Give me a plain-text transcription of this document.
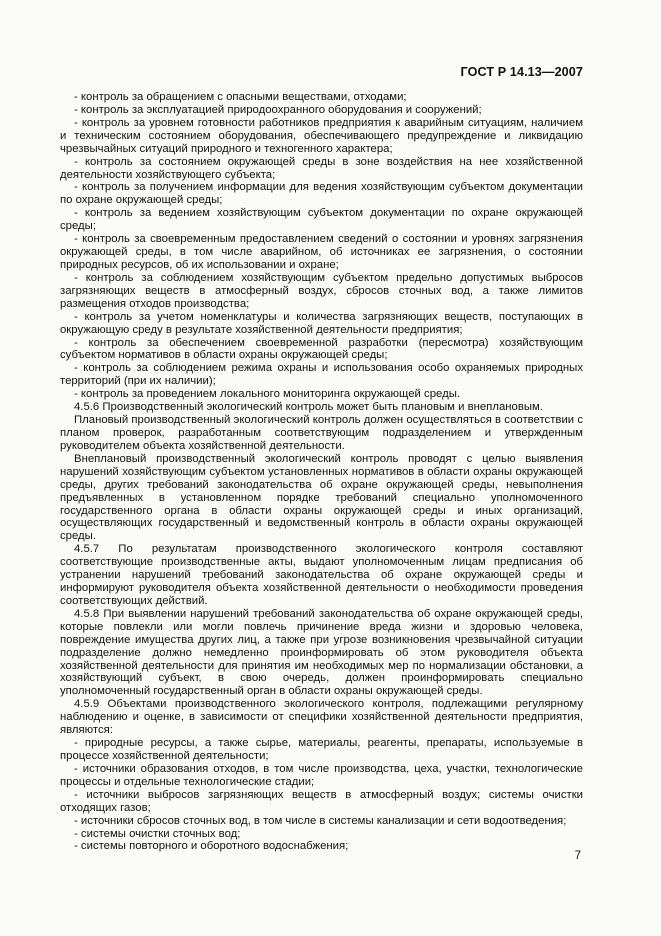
ГОСТ Р 14.13—2007

- контроль за обращением с опасными веществами, отходами;

- контроль за эксплуатацией природоохранного оборудования и сооружений;

- контроль за уровнем готовности работников предприятия к аварийным ситуациям, наличием и техническим состоянием оборудования, обеспечивающего предупреждение и ликвидацию чрезвычайных ситуаций природного и техногенного характера;

- контроль за состоянием окружающей среды в зоне воздействия на нее хозяйственной деятельности хозяйствующего субъекта;

- контроль за получением информации для ведения хозяйствующим субъектом документации по охране окружающей среды;

- контроль за ведением хозяйствующим субъектом документации по охране окружающей среды;

- контроль за своевременным предоставлением сведений о состоянии и уровнях загрязнения окружающей среды, в том числе аварийном, об источниках ее загрязнения, о состоянии природных ресурсов, об их использовании и охране;

- контроль за соблюдением хозяйствующим субъектом предельно допустимых выбросов загрязняющих веществ в атмосферный воздух, сбросов сточных вод, а также лимитов размещения отходов производства;

- контроль за учетом номенклатуры и количества загрязняющих веществ, поступающих в окружающую среду в результате хозяйственной деятельности предприятия;

- контроль за обеспечением своевременной разработки (пересмотра) хозяйствующим субъектом нормативов в области охраны окружающей среды;

- контроль за соблюдением режима охраны и использования особо охраняемых природных территорий (при их наличии);

- контроль за проведением локального мониторинга окружающей среды.

4.5.6 Производственный экологический контроль может быть плановым и внеплановым.

Плановый производственный экологический контроль должен осуществляться в соответствии с планом проверок, разработанным соответствующим подразделением и утвержденным руководителем объекта хозяйственной деятельности.

Внеплановый производственный экологический контроль проводят с целью выявления нарушений хозяйствующим субъектом установленных нормативов в области охраны окружающей среды, других требований законодательства об охране окружающей среды, невыполнения предъявленных в установленном порядке требований специально уполномоченного государственного органа в области охраны окружающей среды и иных организаций, осуществляющих государственный и ведомственный контроль в области охраны окружающей среды.

4.5.7 По результатам производственного экологического контроля составляют соответствующие производственные акты, выдают уполномоченным лицам предписания об устранении нарушений требований законодательства об охране окружающей среды и информируют руководителя объекта хозяйственной деятельности о необходимости проведения соответствующих действий.

4.5.8 При выявлении нарушений требований законодательства об охране окружающей среды, которые повлекли или могли повлечь причинение вреда жизни и здоровью человека, повреждение имущества других лиц, а также при угрозе возникновения чрезвычайной ситуации подразделение должно немедленно проинформировать об этом руководителя объекта хозяйственной деятельности для принятия им необходимых мер по нормализации обстановки, а хозяйствующий субъект, в свою очередь, должен проинформировать специально уполномоченный государственный орган в области охраны окружающей среды.

4.5.9 Объектами производственного экологического контроля, подлежащими регулярному наблюдению и оценке, в зависимости от специфики хозяйственной деятельности предприятия, являются:

- природные ресурсы, а также сырье, материалы, реагенты, препараты, используемые в процессе хозяйственной деятельности;

- источники образования отходов, в том числе производства, цеха, участки, технологические процессы и отдельные технологические стадии;

- источники выбросов загрязняющих веществ в атмосферный воздух; системы очистки отходящих газов;

- источники сбросов сточных вод, в том числе в системы канализации и сети водоотведения;

- системы очистки сточных вод;

- системы повторного и оборотного водоснабжения;

7
